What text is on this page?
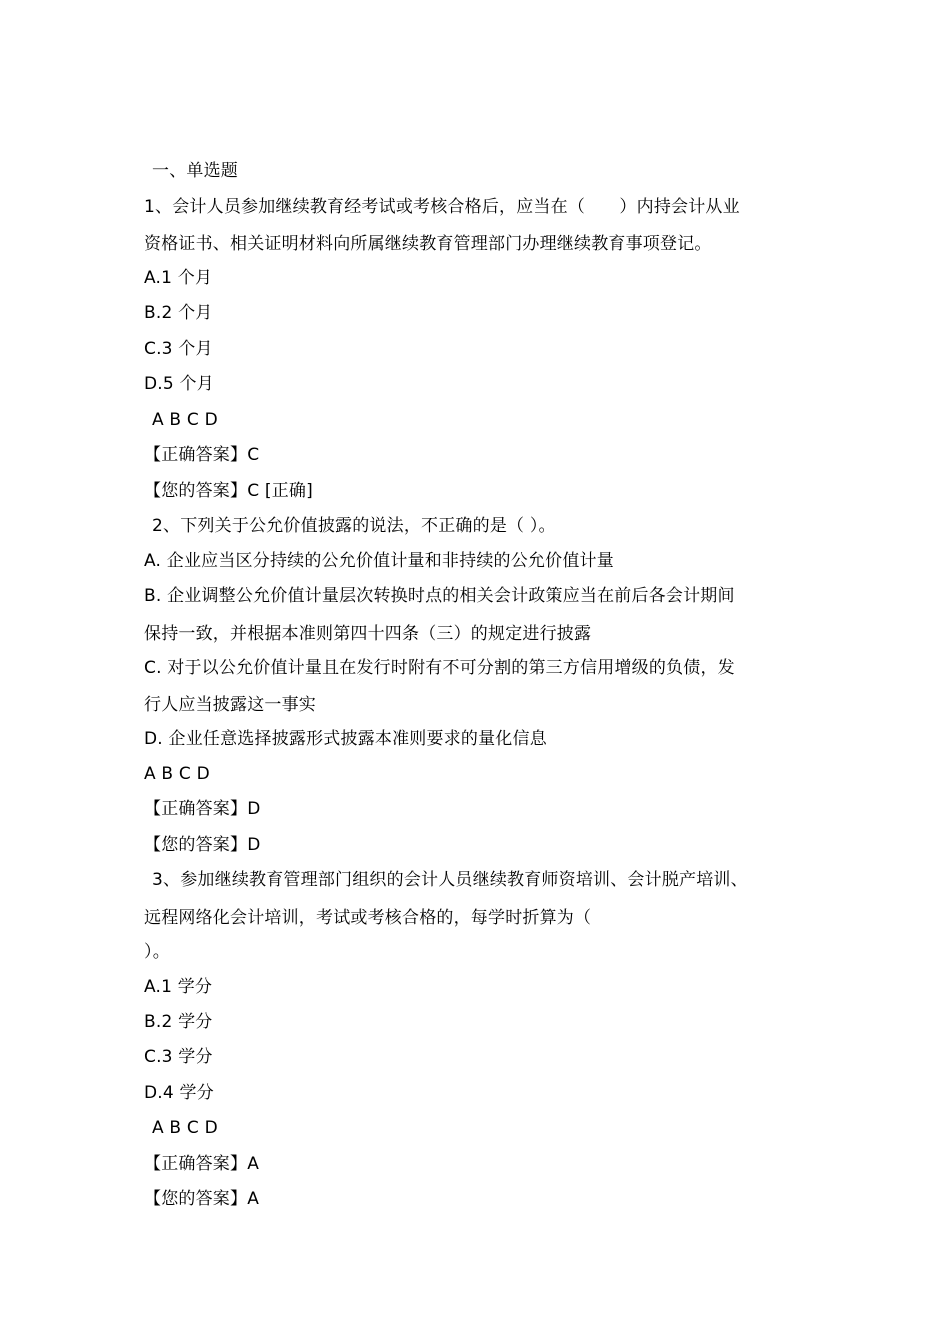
一、单选题
1、会计人员参加继续教育经考试或考核合格后，应当在（　　）内持会计从业
资格证书、相关证明材料向所属继续教育管理部门办理继续教育事项登记。
A.1 个月
B.2 个月
C.3 个月
D.5 个月
A B C D
【正确答案】C
【您的答案】C [正确]
2、下列关于公允价值披露的说法，不正确的是（ ）。
A. 企业应当区分持续的公允价值计量和非持续的公允价值计量
B. 企业调整公允价值计量层次转换时点的相关会计政策应当在前后各会计期间
保持一致，并根据本准则第四十四条（三）的规定进行披露
C. 对于以公允价值计量且在发行时附有不可分割的第三方信用增级的负债，发
行人应当披露这一事实
D. 企业任意选择披露形式披露本准则要求的量化信息
A B C D
【正确答案】D
【您的答案】D
3、参加继续教育管理部门组织的会计人员继续教育师资培训、会计脱产培训、
远程网络化会计培训，考试或考核合格的，每学时折算为（
）。
A.1 学分
B.2 学分
C.3 学分
D.4 学分
A B C D
【正确答案】A
【您的答案】A
